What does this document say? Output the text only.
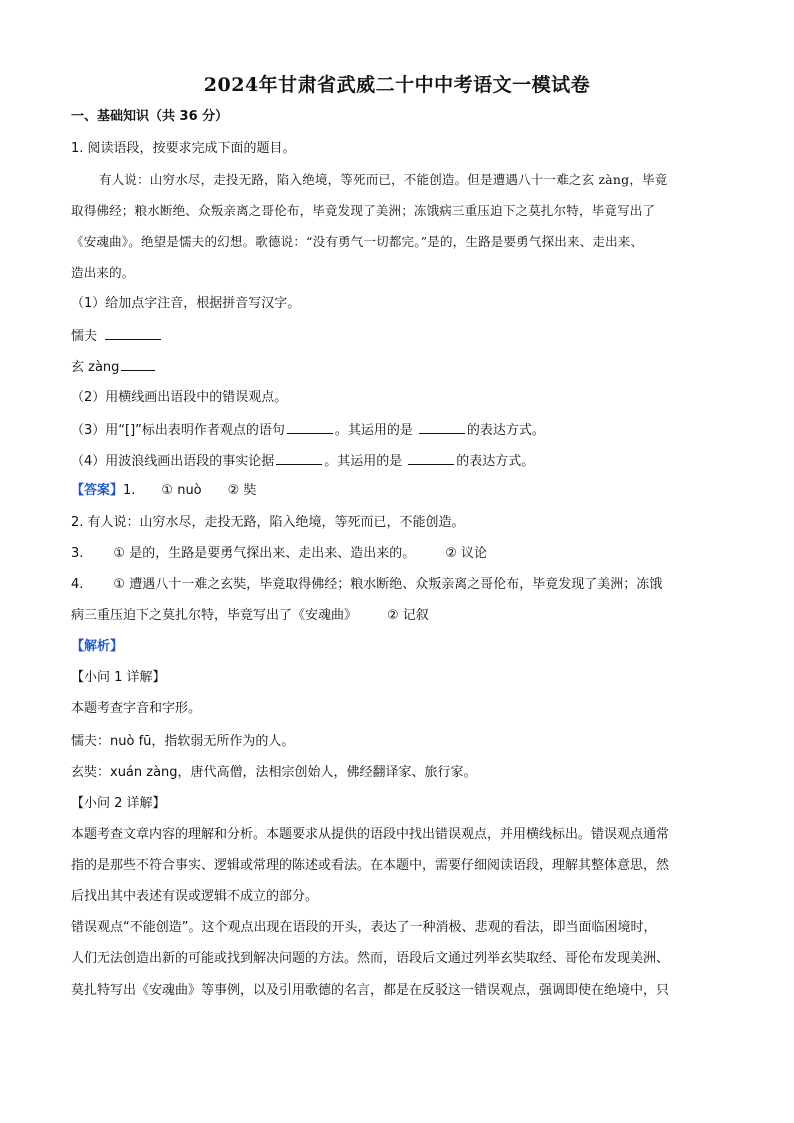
2024年甘肃省武威二十中中考语文一模试卷
一、基础知识（共 36 分）
1. 阅读语段，按要求完成下面的题目。
有人说：山穷水尽，走投无路，陷入绝境，等死而已，不能创造。但是遭遇八十一难之玄 zàng，毕竟
取得佛经；粮水断绝、众叛亲离之哥伦布，毕竟发现了美洲；冻饿病三重压迫下之莫扎尔特，毕竟写出了
《安魂曲》。绝望是懦夫的幻想。歌德说：“没有勇气一切都完。”是的，生路是要勇气探出来、走出来、
造出来的。
（1）给加点字注音，根据拼音写汉字。
懦夫
玄 zàng
（2）用横线画出语段中的错误观点。
（3）用“[]”标出表明作者观点的语句	。其运用的是	的表达方式。
（4）用波浪线画出语段的事实论据	。其运用的是	的表达方式。
【答案】1. ① nuò ② 奘
2. 有人说：山穷水尽，走投无路，陷入绝境，等死而已，不能创造。
3. ① 是的，生路是要勇气探出来、走出来、造出来的。 ② 议论
4. ① 遭遇八十一难之玄奘，毕竟取得佛经；粮水断绝、众叛亲离之哥伦布，毕竟发现了美洲；冻饿
病三重压迫下之莫扎尔特，毕竟写出了《安魂曲》 ② 记叙
【解析】
【小问 1 详解】
本题考查字音和字形。
懦夫：nuò fū，指软弱无所作为的人。
玄奘：xuán zàng，唐代高僧，法相宗创始人，佛经翻译家、旅行家。
【小问 2 详解】
本题考查文章内容的理解和分析。本题要求从提供的语段中找出错误观点，并用横线标出。错误观点通常
指的是那些不符合事实、逻辑或常理的陈述或看法。在本题中，需要仔细阅读语段，理解其整体意思，然
后找出其中表述有误或逻辑不成立的部分。
错误观点“不能创造”。这个观点出现在语段的开头，表达了一种消极、悲观的看法，即当面临困境时，
人们无法创造出新的可能或找到解决问题的方法。然而，语段后文通过列举玄奘取经、哥伦布发现美洲、
莫扎特写出《安魂曲》等事例，以及引用歌德的名言，都是在反驳这一错误观点，强调即使在绝境中，只
